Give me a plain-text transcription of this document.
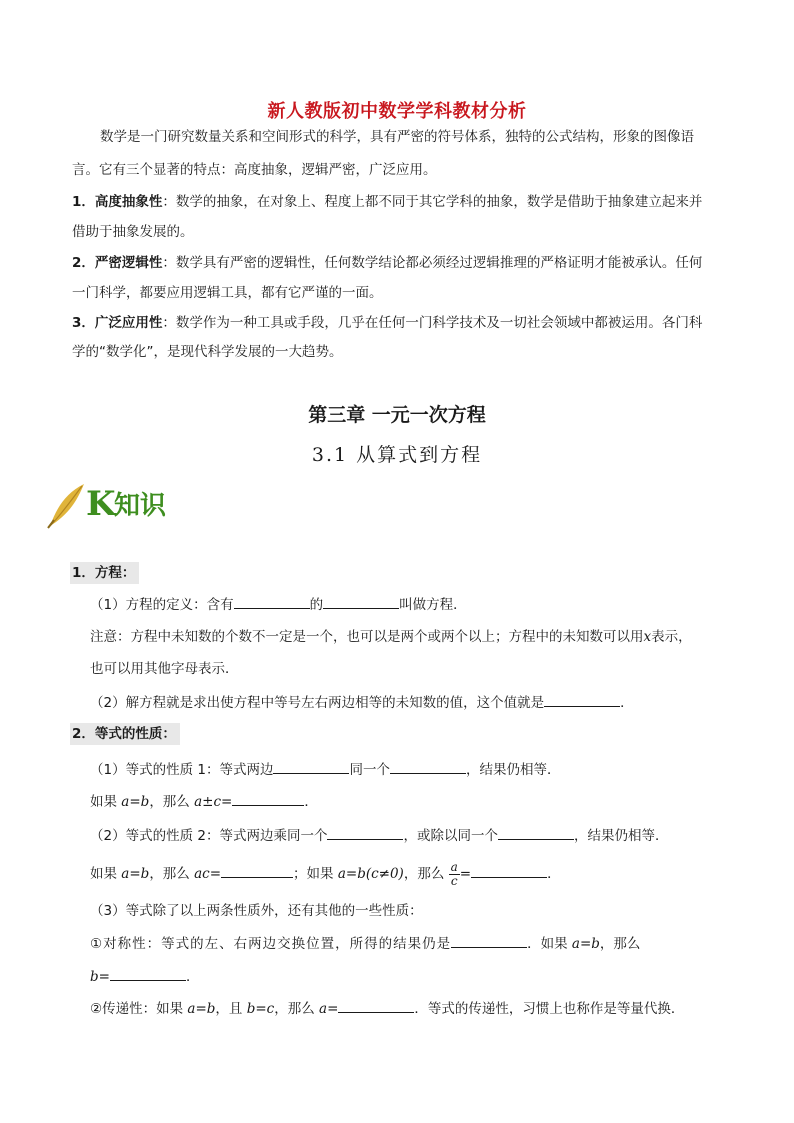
新人教版初中数学学科教材分析
数学是一门研究数量关系和空间形式的科学，具有严密的符号体系，独特的公式结构，形象的图像语
言。它有三个显著的特点：高度抽象，逻辑严密，广泛应用。
1．高度抽象性：数学的抽象，在对象上、程度上都不同于其它学科的抽象，数学是借助于抽象建立起来并
借助于抽象发展的。
2．严密逻辑性：数学具有严密的逻辑性，任何数学结论都必须经过逻辑推理的严格证明才能被承认。任何
一门科学，都要应用逻辑工具，都有它严谨的一面。
3．广泛应用性：数学作为一种工具或手段，几乎在任何一门科学技术及一切社会领域中都被运用。各门科
学的“数学化”，是现代科学发展的一大趋势。
第三章 一元一次方程
3.1 从算式到方程
K
知识
1．方程：
（1）方程的定义：含有	的	叫做方程．
注意：方程中未知数的个数不一定是一个，也可以是两个或两个以上；方程中的未知数可以用x表示，
也可以用其他字母表示．
（2）解方程就是求出使方程中等号左右两边相等的未知数的值，这个值就是	．
2．等式的性质：
（1）等式的性质 1：等式两边	同一个	，结果仍相等．
如果 a=b，那么 a±c=	．
（2）等式的性质 2：等式两边乘同一个	，或除以同一个	，结果仍相等．
如果 a=b，那么 ac=	；如果 a=b(c≠0)，那么 $\frac{a}{c}$ =	．
（3）等式除了以上两条性质外，还有其他的一些性质：
①对称性：等式的左、右两边交换位置，所得的结果仍是	．如果 a=b，那么
b=	．
②传递性：如果 a=b，且 b=c，那么 a=	．等式的传递性，习惯上也称作是等量代换．
